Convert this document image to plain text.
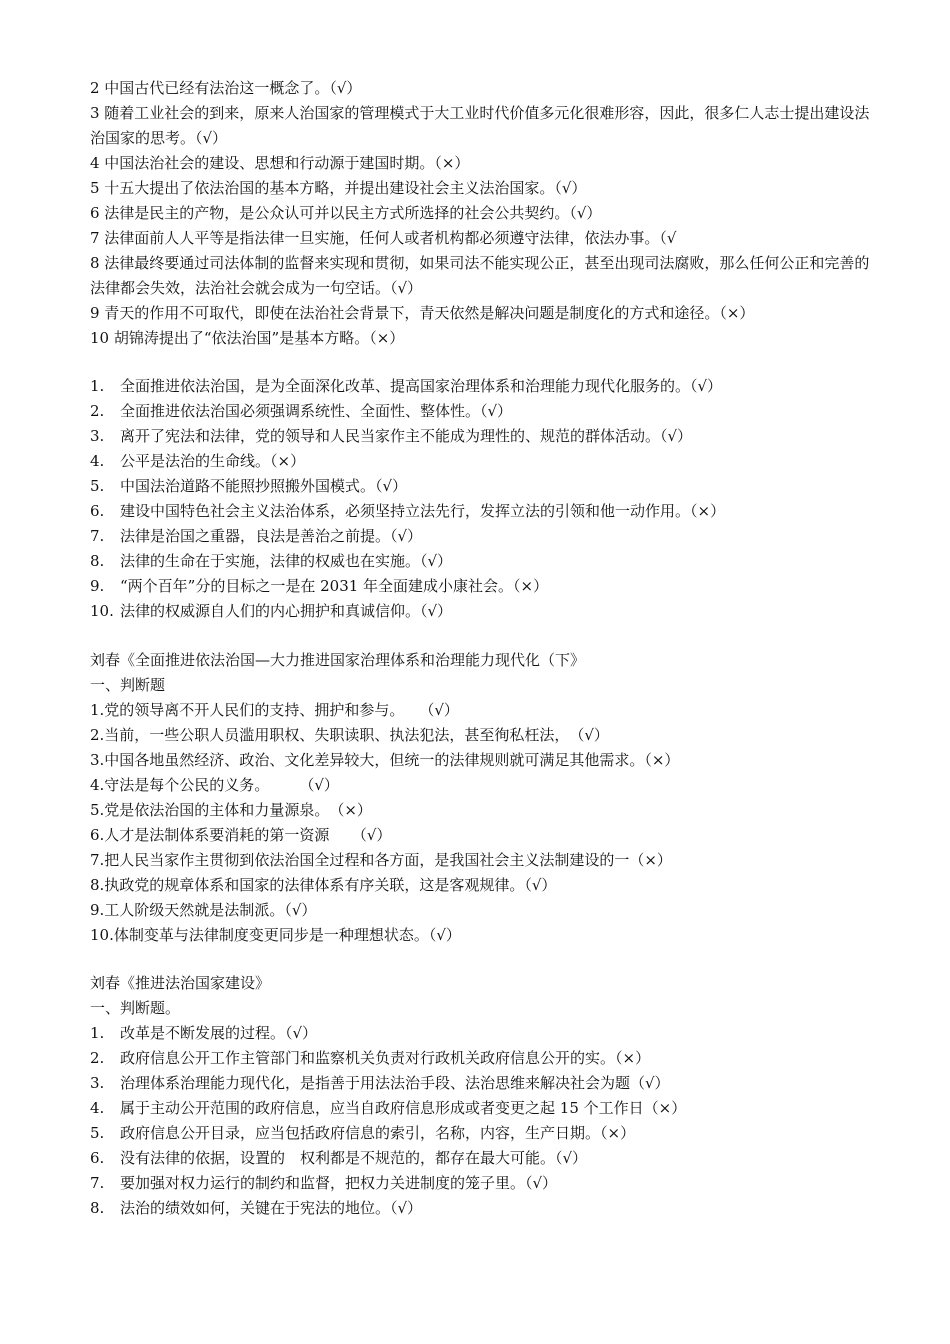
2 中国古代已经有法治这一概念了。（√）
3 随着工业社会的到来，原来人治国家的管理模式于大工业时代价值多元化很难形容，因此，很多仁人志士提出建设法治国家的思考。（√）
4 中国法治社会的建设、思想和行动源于建国时期。（×）
5 十五大提出了依法治国的基本方略，并提出建设社会主义法治国家。（√）
6 法律是民主的产物，是公众认可并以民主方式所选择的社会公共契约。（√）
7 法律面前人人平等是指法律一旦实施，任何人或者机构都必须遵守法律，依法办事。（√
8 法律最终要通过司法体制的监督来实现和贯彻，如果司法不能实现公正，甚至出现司法腐败，那么任何公正和完善的法律都会失效，法治社会就会成为一句空话。（√）
9 青天的作用不可取代，即使在法治社会背景下，青天依然是解决问题是制度化的方式和途径。（×）
10 胡锦涛提出了“依法治国”是基本方略。（×）
1. 全面推进依法治国，是为全面深化改革、提高国家治理体系和治理能力现代化服务的。（√）
2. 全面推进依法治国必须强调系统性、全面性、整体性。（√）
3. 离开了宪法和法律，党的领导和人民当家作主不能成为理性的、规范的群体活动。（√）
4. 公平是法治的生命线。（×）
5. 中国法治道路不能照抄照搬外国模式。（√）
6. 建设中国特色社会主义法治体系，必须坚持立法先行，发挥立法的引领和他一动作用。（×）
7. 法律是治国之重器，良法是善治之前提。（√）
8. 法律的生命在于实施，法律的权威也在实施。（√）
9. “两个百年”分的目标之一是在 2031 年全面建成小康社会。（×）
10. 法律的权威源自人们的内心拥护和真诚信仰。（√）
刘春《全面推进依法治国—大力推进国家治理体系和治理能力现代化（下》
一、判断题
1.党的领导离不开人民们的支持、拥护和参与。　　（√）
2.当前，一些公职人员滥用职权、失职读职、执法犯法，甚至徇私枉法，　（√）
3.中国各地虽然经济、政治、文化差异较大，但统一的法律规则就可满足其他需求。（×）
4.守法是每个公民的义务。　　　（√）
5.党是依法治国的主体和力量源泉。　（×）
6.人才是法制体系要消耗的第一资源　　（√）
7.把人民当家作主贯彻到依法治国全过程和各方面，是我国社会主义法制建设的一（×）
8.执政党的规章体系和国家的法律体系有序关联，这是客观规律。（√）
9.工人阶级天然就是法制派。（√）
10.体制变革与法律制度变更同步是一种理想状态。（√）
刘春《推进法治国家建设》
一、判断题。
1. 改革是不断发展的过程。（√）
2. 政府信息公开工作主管部门和监察机关负责对行政机关政府信息公开的实。（×）
3. 治理体系治理能力现代化，是指善于用法法治手段、法治思维来解决社会为题（√）
4. 属于主动公开范围的政府信息，应当自政府信息形成或者变更之起 15 个工作日（×）
5. 政府信息公开目录，应当包括政府信息的索引，名称，内容，生产日期。（×）
6. 没有法律的依据，设置的　权利都是不规范的，都存在最大可能。（√）
7. 要加强对权力运行的制约和监督，把权力关进制度的笼子里。（√）
8. 法治的绩效如何，关键在于宪法的地位。（√）
